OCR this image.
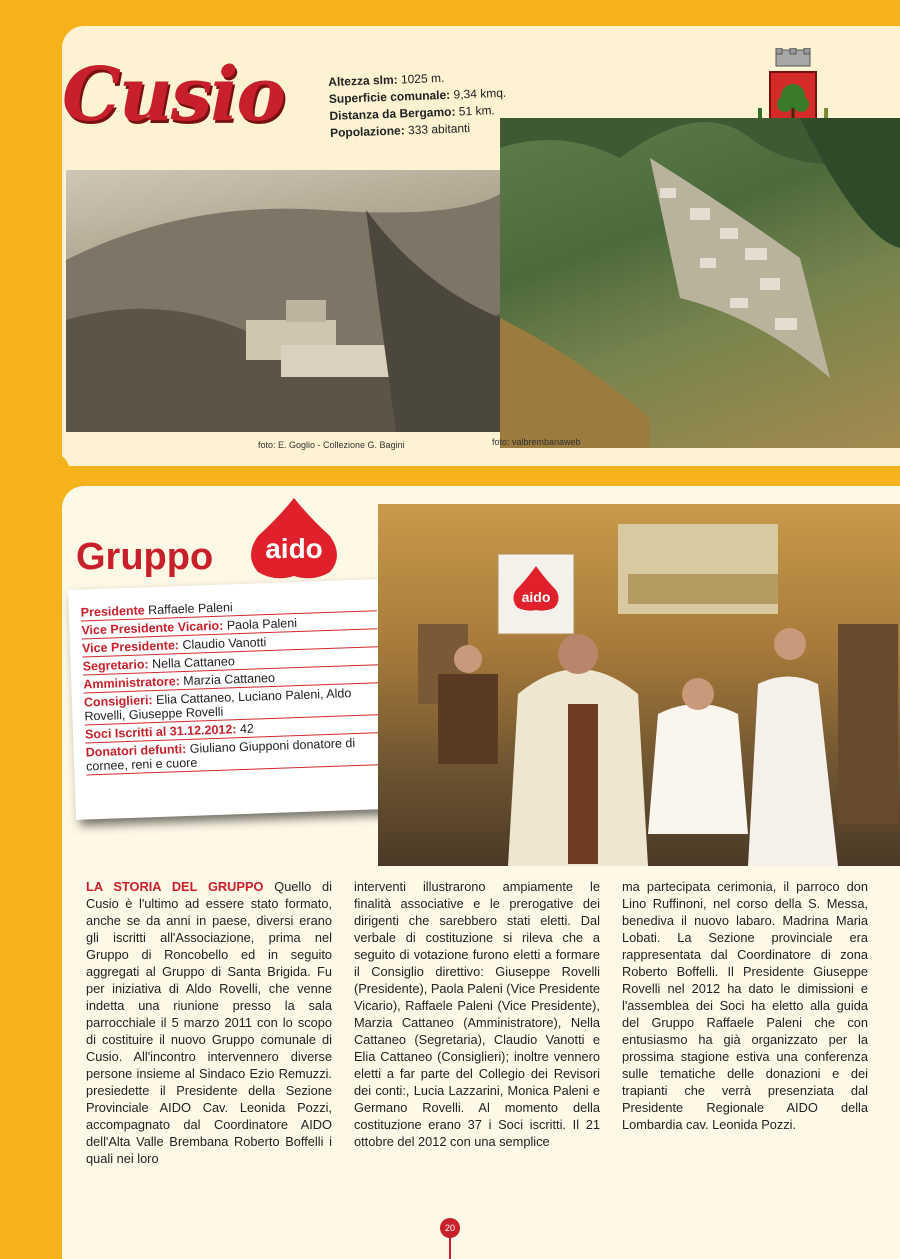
Cusio	Altezza slm: 1025 m.
Superficie comunale: 9,34 kmq.
Distanza da Bergamo: 51 km.
Popolazione: 333 abitanti
foto: E. Goglio - Collezione G. Bagini	foto: valbrembanaweb
Gruppo aido
Presidente Raffaele Paleni
Vice Presidente Vicario: Paola Paleni
Vice Presidente: Claudio Vanotti
Segretario: Nella Cattaneo
Amministratore: Marzia Cattaneo
Consiglieri: Elia Cattaneo, Luciano Paleni, Aldo Rovelli, Giuseppe Rovelli
Soci Iscritti al 31.12.2012: 42
Donatori defunti: Giuliano Giupponi donatore di cornee, reni e cuore
aido
LA STORIA DEL GRUPPO Quello di Cusio è l'ultimo ad essere stato formato, anche se da anni in paese, diversi erano gli iscritti all'Associazione, prima nel Gruppo di Roncobello ed in seguito aggregati al Gruppo di Santa Brigida. Fu per iniziativa di Aldo Rovelli, che venne indetta una riunione presso la sala parrocchiale il 5 marzo 2011 con lo scopo di costituire il nuovo Gruppo comunale di Cusio. All'incontro intervennero diverse persone insieme al Sindaco Ezio Remuzzi. presiedette il Presidente della Sezione Provinciale AIDO Cav. Leonida Pozzi, accompagnato dal Coordinatore AIDO dell'Alta Valle Brembana Roberto Boffelli i quali nei loro
interventi illustrarono ampiamente le finalità associative e le prerogative dei dirigenti che sarebbero stati eletti. Dal verbale di costituzione si rileva che a seguito di votazione furono eletti a formare il Consiglio direttivo: Giuseppe Rovelli (Presidente), Paola Paleni (Vice Presidente Vicario), Raffaele Paleni (Vice Presidente), Marzia Cattaneo (Amministratore), Nella Cattaneo (Segretaria), Claudio Vanotti e Elia Cattaneo (Consiglieri); inoltre vennero eletti a far parte del Collegio dei Revisori dei conti:, Lucia Lazzarini, Monica Paleni e Germano Rovelli. Al momento della costituzione erano 37 i Soci iscritti. Il 21 ottobre del 2012 con una semplice
ma partecipata cerimonia, il parroco don Lino Ruffinoni, nel corso della S. Messa, benediva il nuovo labaro. Madrina Maria Lobati. La Sezione provinciale era rappresentata dal Coordinatore di zona Roberto Boffelli. Il Presidente Giuseppe Rovelli nel 2012 ha dato le dimissioni e l'assemblea dei Soci ha eletto alla guida del Gruppo Raffaele Paleni che con entusiasmo ha già organizzato per la prossima stagione estiva una conferenza sulle tematiche delle donazioni e dei trapianti che verrà presenziata dal Presidente Regionale AIDO della Lombardia cav. Leonida Pozzi.
20
